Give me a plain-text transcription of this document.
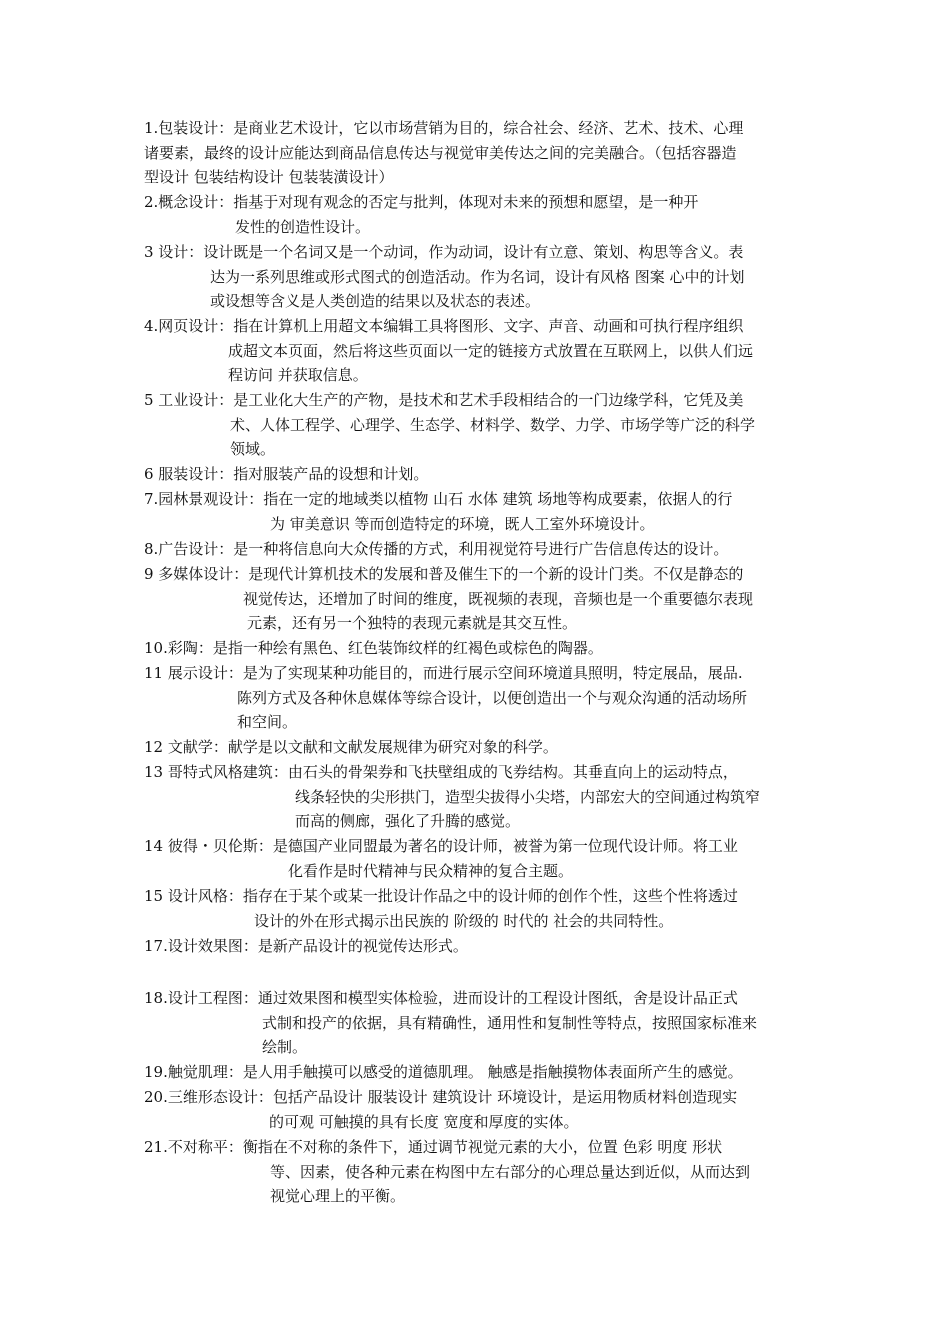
1.包装设计：是商业艺术设计，它以市场营销为目的，综合社会、经济、艺术、技术、心理
诸要素，最终的设计应能达到商品信息传达与视觉审美传达之间的完美融合。（包括容器造
型设计 包装结构设计 包装装潢设计）
2.概念设计：指基于对现有观念的否定与批判，体现对未来的预想和愿望，是一种开
发性的创造性设计。
3 设计：设计既是一个名词又是一个动词，作为动词，设计有立意、策划、构思等含义。表
达为一系列思维或形式图式的创造活动。作为名词，设计有风格 图案 心中的计划
或设想等含义是人类创造的结果以及状态的表述。
4.网页设计：指在计算机上用超文本编辑工具将图形、文字、声音、动画和可执行程序组织
成超文本页面，然后将这些页面以一定的链接方式放置在互联网上，以供人们远
程访问 并获取信息。
5 工业设计：是工业化大生产的产物，是技术和艺术手段相结合的一门边缘学科，它凭及美
术、人体工程学、心理学、生态学、材料学、数学、力学、市场学等广泛的科学
领域。
6 服装设计：指对服装产品的设想和计划。
7.园林景观设计：指在一定的地域类以植物 山石 水体 建筑 场地等构成要素，依据人的行
为 审美意识 等而创造特定的环境，既人工室外环境设计。
8.广告设计：是一种将信息向大众传播的方式，利用视觉符号进行广告信息传达的设计。
9 多媒体设计：是现代计算机技术的发展和普及催生下的一个新的设计门类。不仅是静态的
视觉传达，还增加了时间的维度，既视频的表现，音频也是一个重要德尔表现
元素，还有另一个独特的表现元素就是其交互性。
10.彩陶：是指一种绘有黑色、红色装饰纹样的红褐色或棕色的陶器。
11 展示设计：是为了实现某种功能目的，而进行展示空间环境道具照明，特定展品，展品.
陈列方式及各种休息媒体等综合设计，以便创造出一个与观众沟通的活动场所
和空间。
12 文献学：献学是以文献和文献发展规律为研究对象的科学。
13 哥特式风格建筑：由石头的骨架券和飞扶壁组成的飞券结构。其垂直向上的运动特点，
线条轻快的尖形拱门，造型尖拔得小尖塔，内部宏大的空间通过构筑窄
而高的侧廊，强化了升腾的感觉。
14 彼得・贝伦斯：是德国产业同盟最为著名的设计师，被誉为第一位现代设计师。将工业
化看作是时代精神与民众精神的复合主题。
15 设计风格：指存在于某个或某一批设计作品之中的设计师的创作个性，这些个性将透过
设计的外在形式揭示出民族的 阶级的 时代的 社会的共同特性。
17.设计效果图：是新产品设计的视觉传达形式。
18.设计工程图：通过效果图和模型实体检验，进而设计的工程设计图纸，舍是设计品正式
式制和投产的依据，具有精确性，通用性和复制性等特点，按照国家标准来
绘制。
19.触觉肌理：是人用手触摸可以感受的道德肌理。 触感是指触摸物体表面所产生的感觉。
20.三维形态设计：包括产品设计 服装设计 建筑设计 环境设计，是运用物质材料创造现实
的可观 可触摸的具有长度 宽度和厚度的实体。
21.不对称平：衡指在不对称的条件下，通过调节视觉元素的大小，位置 色彩 明度 形状
等、因素，使各种元素在构图中左右部分的心理总量达到近似，从而达到
视觉心理上的平衡。
